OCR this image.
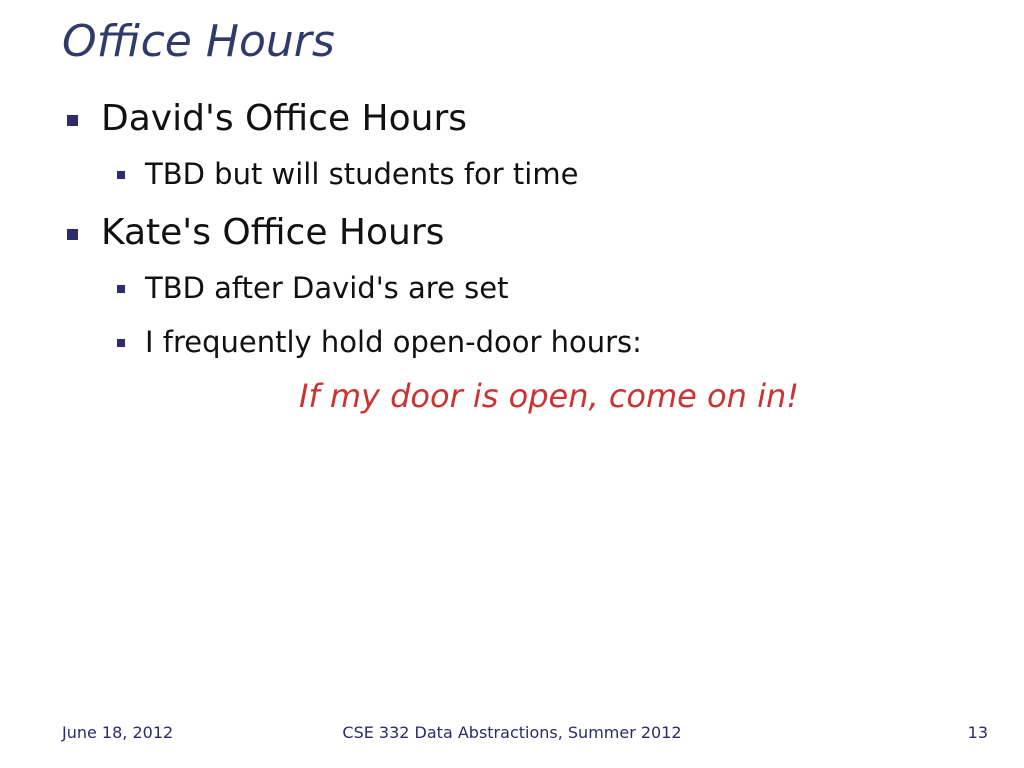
Office Hours
David's Office Hours
TBD but will students for time
Kate's Office Hours
TBD after David's are set
I frequently hold open-door hours:
If my door is open, come on in!
June 18, 2012	CSE 332 Data Abstractions, Summer 2012	13
